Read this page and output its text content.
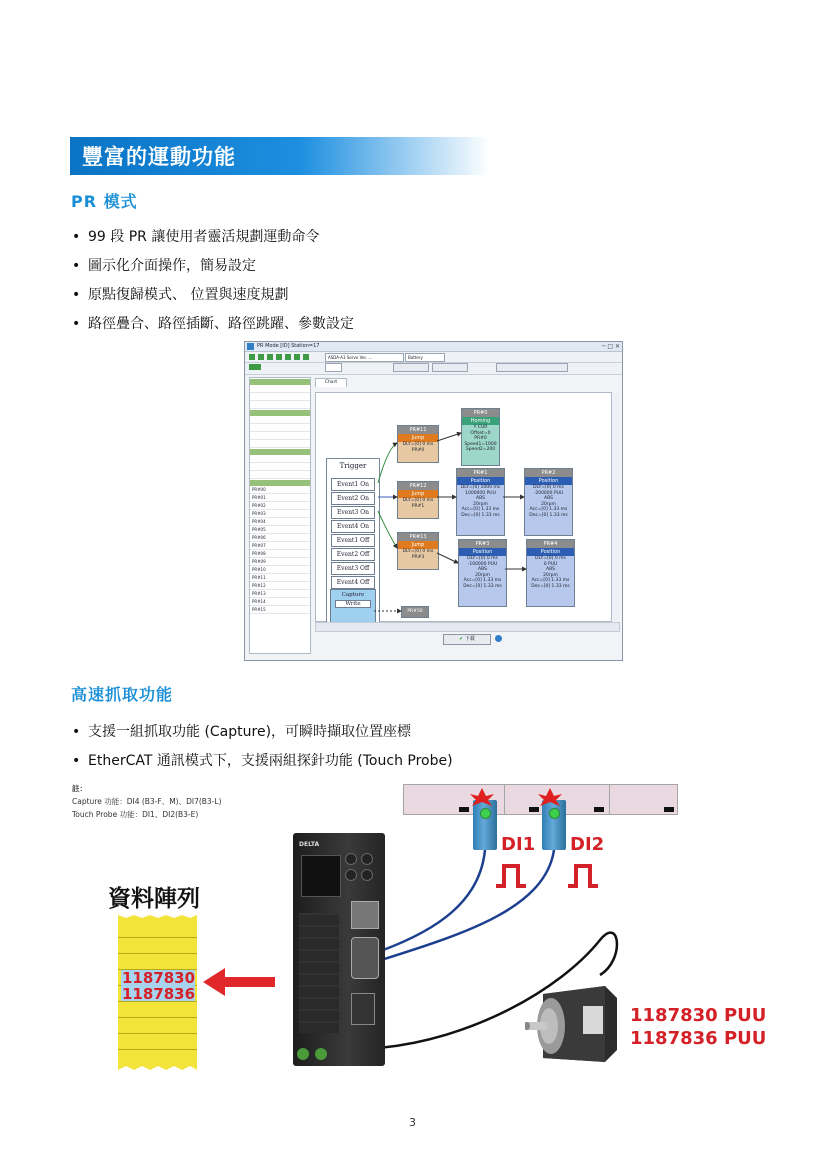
豐富的運動功能
PR 模式
• 99 段 PR 讓使用者靈活規劃運動命令
• 圖示化介面操作，簡易設定
• 原點復歸模式、 位置與速度規劃
• 路徑疊合、路徑插斷、路徑跳躍、參數設定
PR Mode [ID] Station=17	─ □ ✕
ASDA-A3 Servo Ver. ...	Battery
PR#00
PR#01
PR#02
PR#03
PR#04
PR#05
PR#06
PR#07
PR#08
PR#09
PR#10
PR#11
PR#12
PR#13
PR#14
PR#15
Chart
Trigger
Event1 On
Event2 On
Event3 On
Event4 On
Event1 Off
Event2 Off
Event3 Off
Event4 Off
Capture
Write
PR#0
Homing
Y CUR
Offset=0
PR#0
Speed1=1000
Speed2=200
PR#11
Jump
DLY=[0] 0 ms
PR#0
PR#12
Jump
DLY=[0] 0 ms
PR#1
PR#13
Jump
DLY=[0] 0 ms
PR#3
PR#1
Position
DLY=[0] 1000 ms
1000000 PUU
ABS
20rpm
Acc=[0] 1.33 ms
Dec=[0] 1.33 ms
PR#2
Position
DLY=[0] 0 ms
-200000 PUU
ABS
20rpm
Acc=[0] 1.33 ms
Dec=[0] 1.33 ms
PR#3
Position
DLY=[0] 0 ms
-100000 PUU
ABS
20rpm
Acc=[0] 1.33 ms
Dec=[0] 1.33 ms
PR#4
Position
DLY=[0] 0 ms
0 PUU
ABS
20rpm
Acc=[0] 1.33 ms
Dec=[0] 1.33 ms
PR#50
✔ 下載
高速抓取功能
• 支援一組抓取功能 (Capture)，可瞬時擷取位置座標
• EtherCAT 通訊模式下，支援兩組探針功能 (Touch Probe)
註：
Capture 功能：DI4 (B3-F、M)、DI7(B3-L)
Touch Probe 功能：DI1、DI2(B3-E)
DI1 DI2
資料陣列
1187830
1187836
DELTA
1187830 PUU
1187836 PUU
3
